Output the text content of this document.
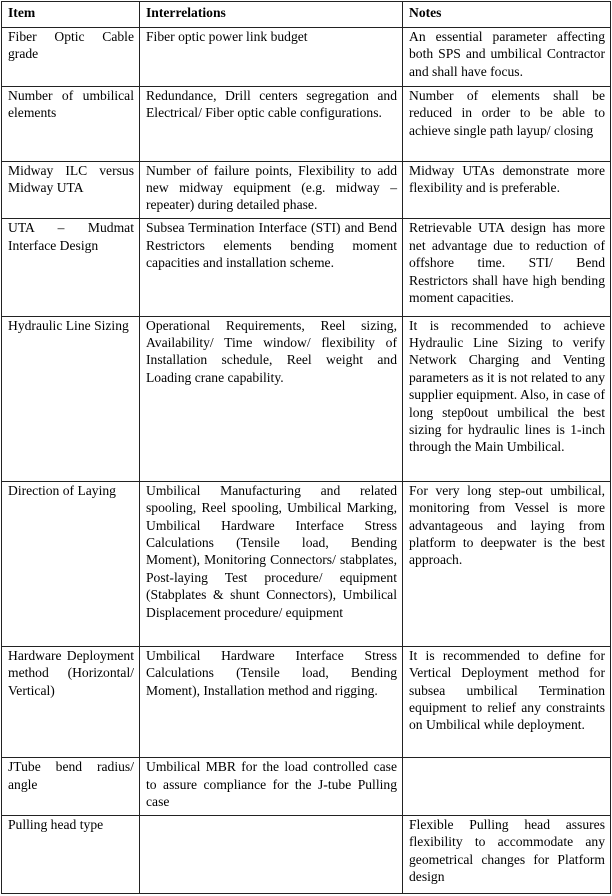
Item	Interrelations	Notes
Fiber Optic Cable grade	Fiber optic power link budget	An essential parameter affecting both SPS and umbilical Contractor and shall have focus.
Number of umbilical elements	Redundance, Drill centers segregation and Electrical/ Fiber optic cable configurations.	Number of elements shall be reduced in order to be able to achieve single path layup/ closing
Midway ILC versus Midway UTA	Number of failure points, Flexibility to add new midway equipment (e.g. midway –repeater) during detailed phase.	Midway UTAs demonstrate more flexibility and is preferable.
UTA – Mudmat Interface Design	Subsea Termination Interface (STI) and Bend Restrictors elements bending moment capacities and installation scheme.	Retrievable UTA design has more net advantage due to reduction of offshore time. STI/ Bend Restrictors shall have high bending moment capacities.
Hydraulic Line Sizing	Operational Requirements, Reel sizing, Availability/ Time window/ flexibility of Installation schedule, Reel weight and Loading crane capability.	It is recommended to achieve Hydraulic Line Sizing to verify Network Charging and Venting parameters as it is not related to any supplier equipment. Also, in case of long step0out umbilical the best sizing for hydraulic lines is 1-inch through the Main Umbilical.
Direction of Laying	Umbilical Manufacturing and related spooling, Reel spooling, Umbilical Marking, Umbilical Hardware Interface Stress Calculations (Tensile load, Bending Moment), Monitoring Connectors/ stabplates, Post-laying Test procedure/ equipment (Stabplates & shunt Connectors), Umbilical Displacement procedure/ equipment	For very long step-out umbilical, monitoring from Vessel is more advantageous and laying from platform to deepwater is the best approach.
Hardware Deployment method (Horizontal/ Vertical)	Umbilical Hardware Interface Stress Calculations (Tensile load, Bending Moment), Installation method and rigging.	It is recommended to define for Vertical Deployment method for subsea umbilical Termination equipment to relief any constraints on Umbilical while deployment.
JTube bend radius/ angle	Umbilical MBR for the load controlled case to assure compliance for the J-tube Pulling case	
Pulling head type		Flexible Pulling head assures flexibility to accommodate any geometrical changes for Platform design
